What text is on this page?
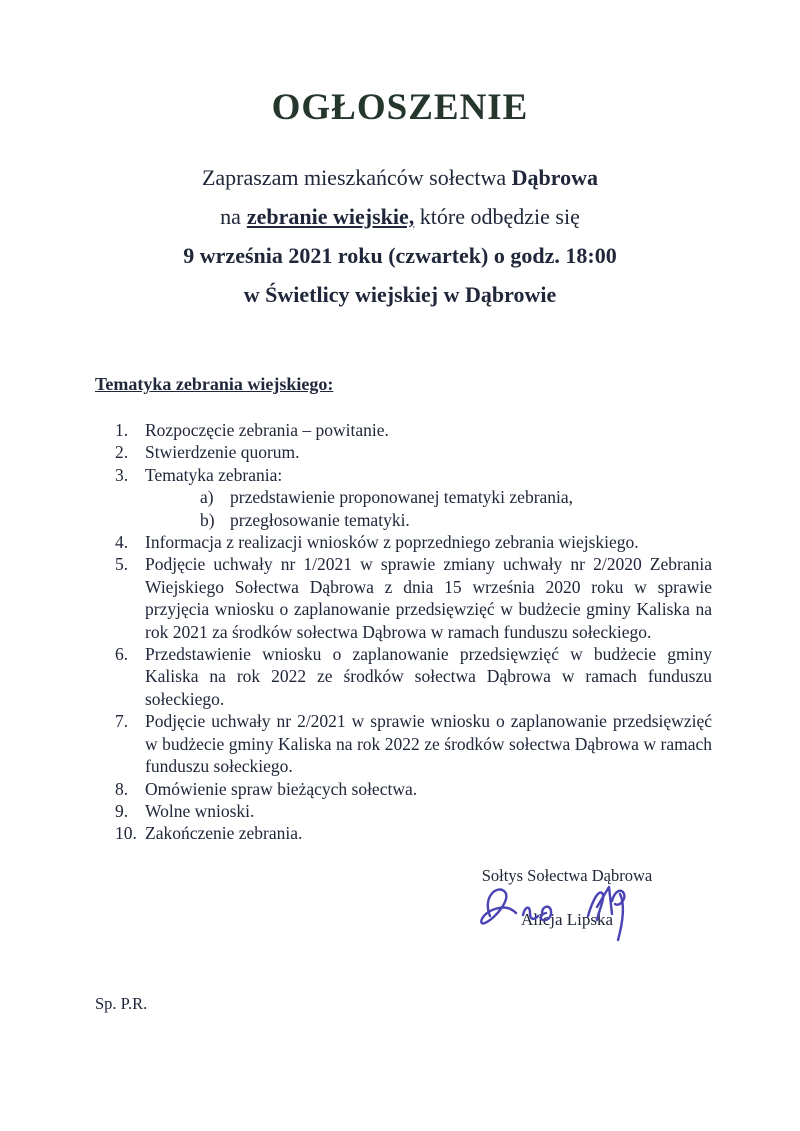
OGŁOSZENIE
Zapraszam mieszkańców sołectwa Dąbrowa
na zebranie wiejskie, które odbędzie się
9 września 2021 roku (czwartek) o godz. 18:00
w Świetlicy wiejskiej w Dąbrowie
Tematyka zebrania wiejskiego:
1. Rozpoczęcie zebrania – powitanie.
2. Stwierdzenie quorum.
3. Tematyka zebrania:
a) przedstawienie proponowanej tematyki zebrania,
b) przegłosowanie tematyki.
4. Informacja z realizacji wniosków z poprzedniego zebrania wiejskiego.
5. Podjęcie uchwały nr 1/2021 w sprawie zmiany uchwały nr 2/2020 Zebrania Wiejskiego Sołectwa Dąbrowa z dnia 15 września 2020 roku w sprawie przyjęcia wniosku o zaplanowanie przedsięwzięć w budżecie gminy Kaliska na rok 2021 za środków sołectwa Dąbrowa w ramach funduszu sołeckiego.
6. Przedstawienie wniosku o zaplanowanie przedsięwzięć w budżecie gminy Kaliska na rok 2022 ze środków sołectwa Dąbrowa w ramach funduszu sołeckiego.
7. Podjęcie uchwały nr 2/2021 w sprawie wniosku o zaplanowanie przedsięwzięć w budżecie gminy Kaliska na rok 2022 ze środków sołectwa Dąbrowa w ramach funduszu sołeckiego.
8. Omówienie spraw bieżących sołectwa.
9. Wolne wnioski.
10. Zakończenie zebrania.
Sołtys Sołectwa Dąbrowa
Alicja Lipska
Sp. P.R.
